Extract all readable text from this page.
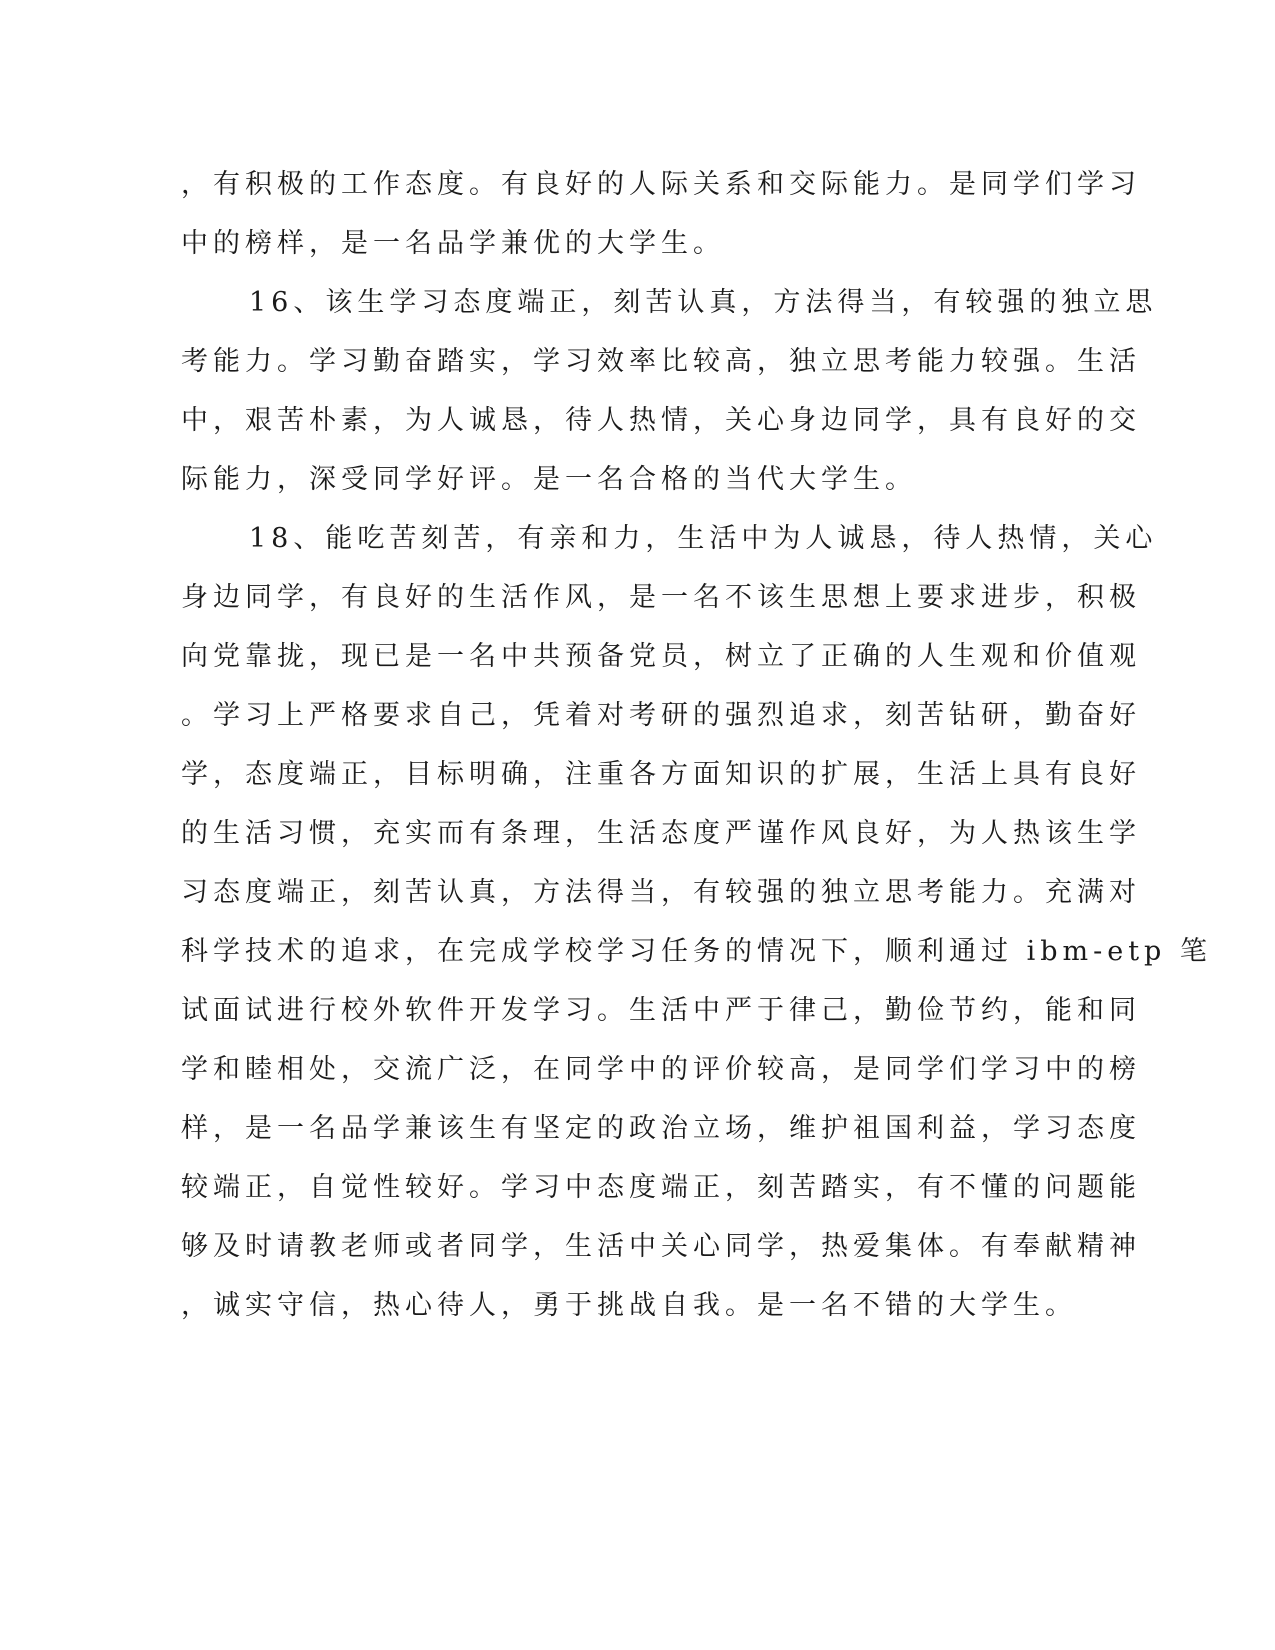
，有积极的工作态度。有良好的人际关系和交际能力。是同学们学习
中的榜样，是一名品学兼优的大学生。
16、该生学习态度端正，刻苦认真，方法得当，有较强的独立思
考能力。学习勤奋踏实，学习效率比较高，独立思考能力较强。生活
中，艰苦朴素，为人诚恳，待人热情，关心身边同学，具有良好的交
际能力，深受同学好评。是一名合格的当代大学生。
18、能吃苦刻苦，有亲和力，生活中为人诚恳，待人热情，关心
身边同学，有良好的生活作风，是一名不该生思想上要求进步，积极
向党靠拢，现已是一名中共预备党员，树立了正确的人生观和价值观
。学习上严格要求自己，凭着对考研的强烈追求，刻苦钻研，勤奋好
学，态度端正，目标明确，注重各方面知识的扩展，生活上具有良好
的生活习惯，充实而有条理，生活态度严谨作风良好，为人热该生学
习态度端正，刻苦认真，方法得当，有较强的独立思考能力。充满对
科学技术的追求，在完成学校学习任务的情况下，顺利通过 ibm-etp 笔
试面试进行校外软件开发学习。生活中严于律己，勤俭节约，能和同
学和睦相处，交流广泛，在同学中的评价较高，是同学们学习中的榜
样，是一名品学兼该生有坚定的政治立场，维护祖国利益，学习态度
较端正，自觉性较好。学习中态度端正，刻苦踏实，有不懂的问题能
够及时请教老师或者同学，生活中关心同学，热爱集体。有奉献精神
，诚实守信，热心待人，勇于挑战自我。是一名不错的大学生。
